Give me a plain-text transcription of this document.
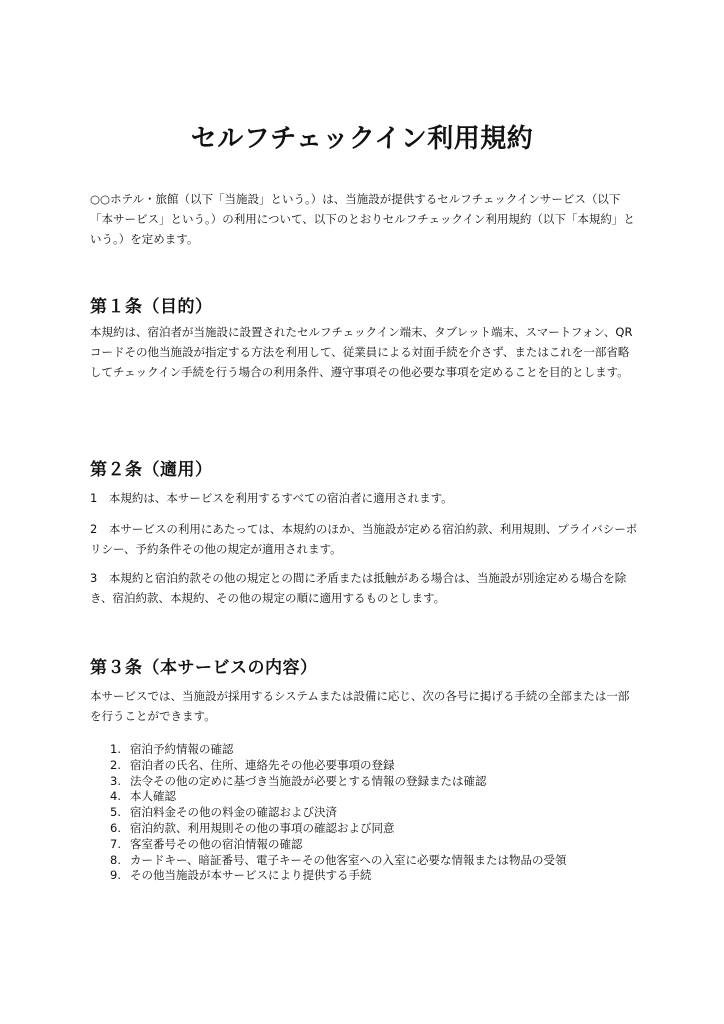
セルフチェックイン利用規約

○○ホテル・旅館（以下「当施設」という。）は、当施設が提供するセルフチェックインサービス（以下「本サービス」という。）の利用について、以下のとおりセルフチェックイン利用規約（以下「本規約」という。）を定めます。

第１条（目的）

本規約は、宿泊者が当施設に設置されたセルフチェックイン端末、タブレット端末、スマートフォン、QRコードその他当施設が指定する方法を利用して、従業員による対面手続を介さず、またはこれを一部省略してチェックイン手続を行う場合の利用条件、遵守事項その他必要な事項を定めることを目的とします。

第２条（適用）

1　本規約は、本サービスを利用するすべての宿泊者に適用されます。

2　本サービスの利用にあたっては、本規約のほか、当施設が定める宿泊約款、利用規則、プライバシーポリシー、予約条件その他の規定が適用されます。

3　本規約と宿泊約款その他の規定との間に矛盾または抵触がある場合は、当施設が別途定める場合を除き、宿泊約款、本規約、その他の規定の順に適用するものとします。

第３条（本サービスの内容）

本サービスでは、当施設が採用するシステムまたは設備に応じ、次の各号に掲げる手続の全部または一部を行うことができます。

1. 宿泊予約情報の確認
2. 宿泊者の氏名、住所、連絡先その他必要事項の登録
3. 法令その他の定めに基づき当施設が必要とする情報の登録または確認
4. 本人確認
5. 宿泊料金その他の料金の確認および決済
6. 宿泊約款、利用規則その他の事項の確認および同意
7. 客室番号その他の宿泊情報の確認
8. カードキー、暗証番号、電子キーその他客室への入室に必要な情報または物品の受領
9. その他当施設が本サービスにより提供する手続
